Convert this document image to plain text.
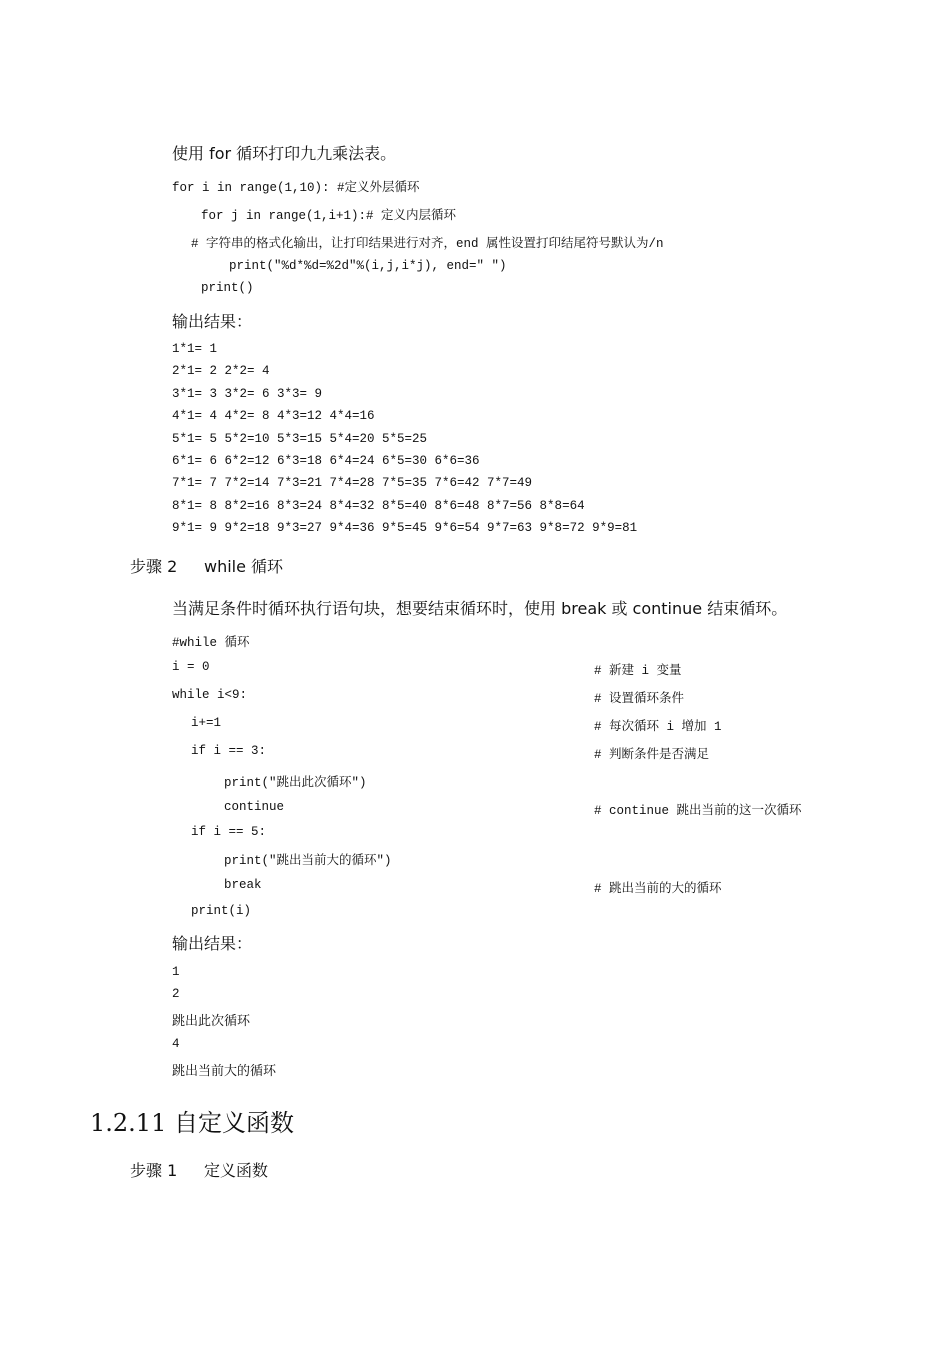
使用 for 循环打印九九乘法表。
for i in range(1,10): #定义外层循环
for j in range(1,i+1):# 定义内层循环
# 字符串的格式化输出，让打印结果进行对齐，end 属性设置打印结尾符号默认为/n
print("%d*%d=%2d"%(i,j,i*j), end=" ")
print()
输出结果：
1*1= 1
2*1= 2 2*2= 4
3*1= 3 3*2= 6 3*3= 9
4*1= 4 4*2= 8 4*3=12 4*4=16
5*1= 5 5*2=10 5*3=15 5*4=20 5*5=25
6*1= 6 6*2=12 6*3=18 6*4=24 6*5=30 6*6=36
7*1= 7 7*2=14 7*3=21 7*4=28 7*5=35 7*6=42 7*7=49
8*1= 8 8*2=16 8*3=24 8*4=32 8*5=40 8*6=48 8*7=56 8*8=64
9*1= 9 9*2=18 9*3=27 9*4=36 9*5=45 9*6=54 9*7=63 9*8=72 9*9=81
步骤 2 while 循环
当满足条件时循环执行语句块，想要结束循环时，使用 break 或 continue 结束循环。
#while 循环
i = 0	# 新建 i 变量
while i<9:	# 设置循环条件
i+=1	# 每次循环 i 增加 1
if i == 3:	# 判断条件是否满足
print("跳出此次循环")
continue	# continue 跳出当前的这一次循环
if i == 5:
print("跳出当前大的循环")
break	# 跳出当前的大的循环
print(i)
输出结果：
1
2
跳出此次循环
4
跳出当前大的循环
1.2.11 自定义函数
步骤 1 定义函数
